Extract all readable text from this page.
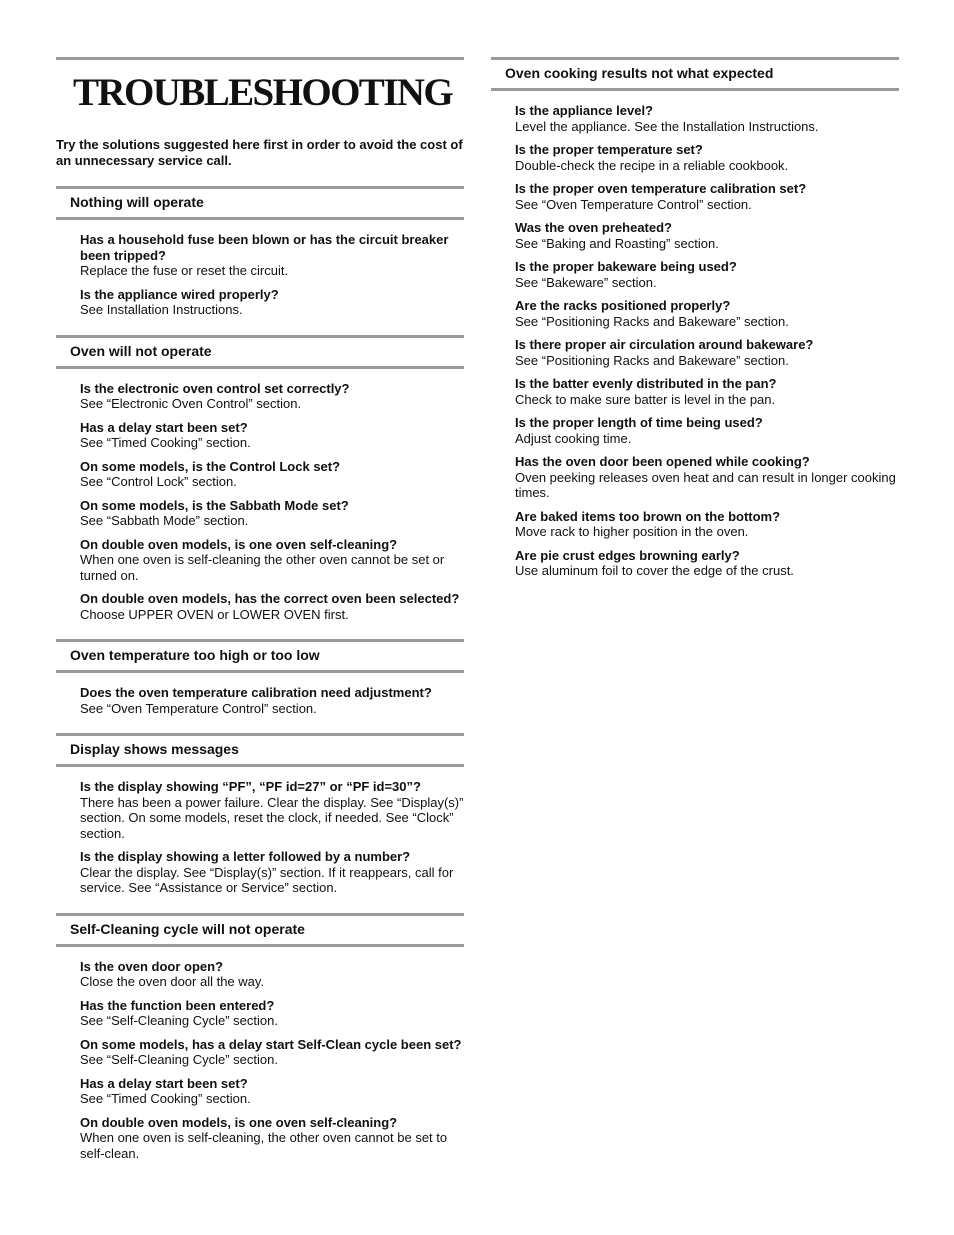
TROUBLESHOOTING

Try the solutions suggested here first in order to avoid the cost of an unnecessary service call.

Nothing will operate
Has a household fuse been blown or has the circuit breaker been tripped?
Replace the fuse or reset the circuit.
Is the appliance wired properly?
See Installation Instructions.
Oven will not operate
Is the electronic oven control set correctly?
See “Electronic Oven Control” section.
Has a delay start been set?
See “Timed Cooking” section.
On some models, is the Control Lock set?
See “Control Lock” section.
On some models, is the Sabbath Mode set?
See “Sabbath Mode” section.
On double oven models, is one oven self-cleaning?
When one oven is self-cleaning the other oven cannot be set or turned on.
On double oven models, has the correct oven been selected?
Choose UPPER OVEN or LOWER OVEN first.
Oven temperature too high or too low
Does the oven temperature calibration need adjustment?
See “Oven Temperature Control” section.
Display shows messages
Is the display showing “PF”, “PF id=27” or “PF id=30”?
There has been a power failure. Clear the display. See “Display(s)” section. On some models, reset the clock, if needed. See “Clock” section.
Is the display showing a letter followed by a number?
Clear the display. See “Display(s)” section. If it reappears, call for service. See “Assistance or Service” section.
Self-Cleaning cycle will not operate
Is the oven door open?
Close the oven door all the way.
Has the function been entered?
See “Self-Cleaning Cycle” section.
On some models, has a delay start Self-Clean cycle been set?
See “Self-Cleaning Cycle” section.
Has a delay start been set?
See “Timed Cooking” section.
On double oven models, is one oven self-cleaning?
When one oven is self-cleaning, the other oven cannot be set to self-clean.
Oven cooking results not what expected
Is the appliance level?
Level the appliance. See the Installation Instructions.
Is the proper temperature set?
Double-check the recipe in a reliable cookbook.
Is the proper oven temperature calibration set?
See “Oven Temperature Control” section.
Was the oven preheated?
See “Baking and Roasting” section.
Is the proper bakeware being used?
See “Bakeware” section.
Are the racks positioned properly?
See “Positioning Racks and Bakeware” section.
Is there proper air circulation around bakeware?
See “Positioning Racks and Bakeware” section.
Is the batter evenly distributed in the pan?
Check to make sure batter is level in the pan.
Is the proper length of time being used?
Adjust cooking time.
Has the oven door been opened while cooking?
Oven peeking releases oven heat and can result in longer cooking times.
Are baked items too brown on the bottom?
Move rack to higher position in the oven.
Are pie crust edges browning early?
Use aluminum foil to cover the edge of the crust.
